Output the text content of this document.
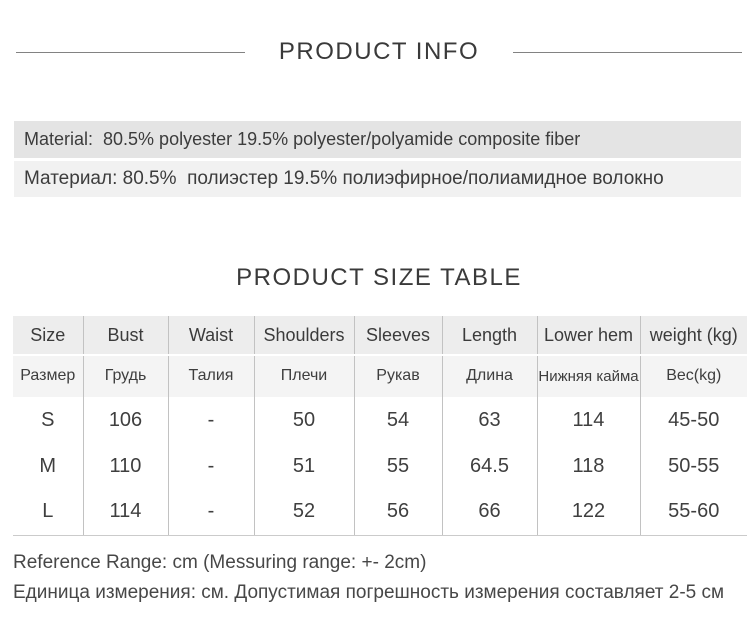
PRODUCT INFO
Material:  80.5% polyester 19.5% polyester/polyamide composite fiber
Материал: 80.5%  полиэстер 19.5% полиэфирное/полиамидное волокно
PRODUCT SIZE TABLE
Size	Bust	Waist	Shoulders	Sleeves	Length	Lower hem	weight (kg)
Размер	Грудь	Талия	Плечи	Рукав	Длина	Нижняя кайма	Вес(kg)
S	106	-	50	54	63	114	45-50
M	110	-	51	55	64.5	118	50-55
L	114	-	52	56	66	122	55-60
Reference Range: cm (Messuring range: +- 2cm)
Единица измерения: см. Допустимая погрешность измерения составляет 2-5 см
